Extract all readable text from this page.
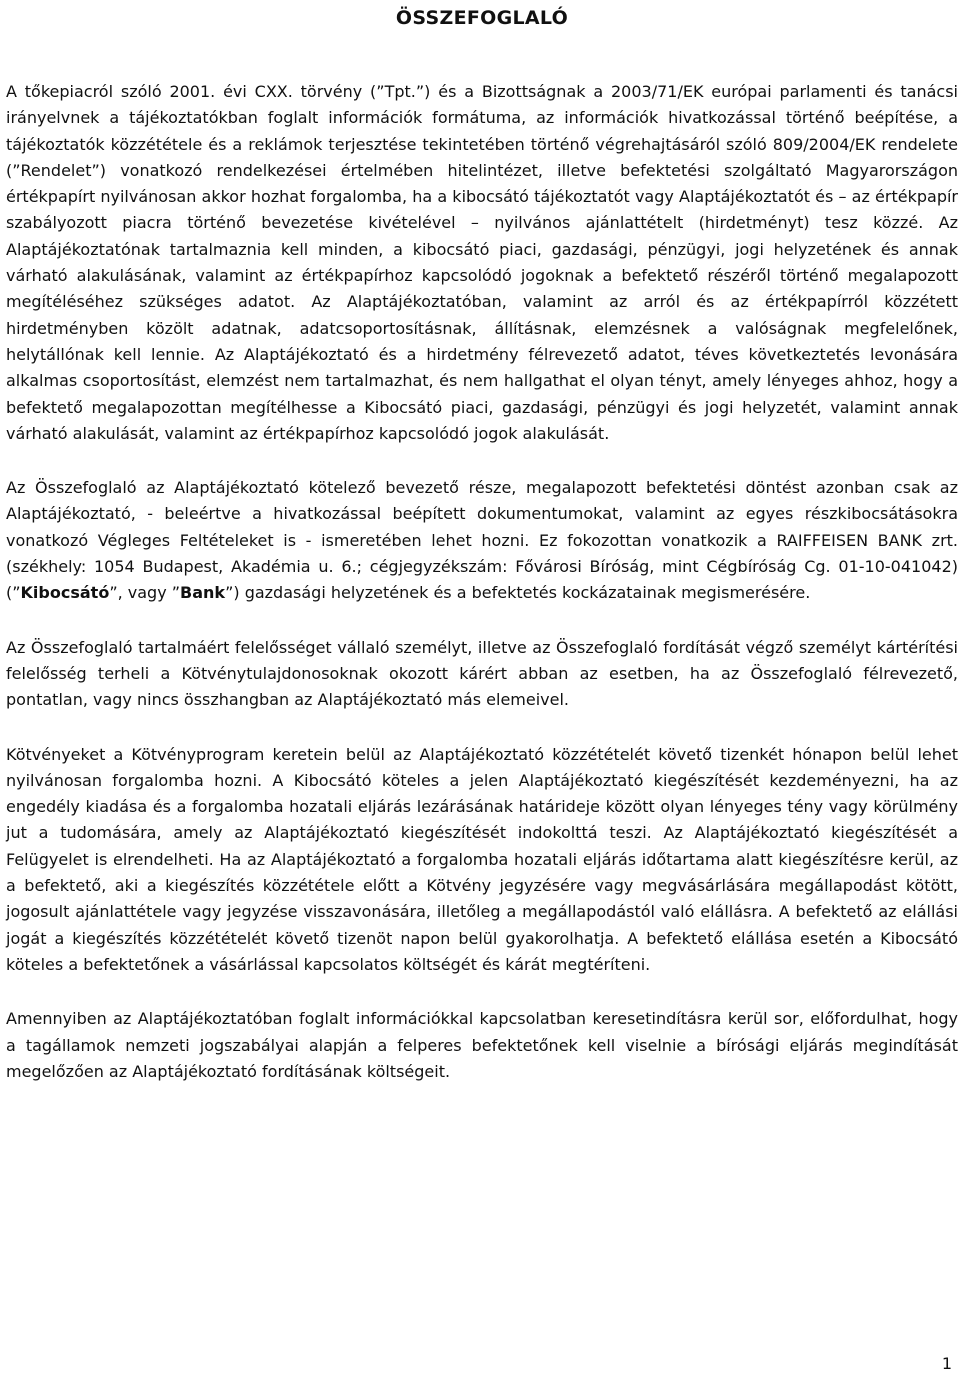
ÖSSZEFOGLALÓ

A tőkepiacról szóló 2001. évi CXX. törvény (”Tpt.”) és a Bizottságnak a 2003/71/EK európai parlamenti és tanácsi irányelvnek a tájékoztatókban foglalt információk formátuma, az információk hivatkozással történő beépítése, a tájékoztatók közzététele és a reklámok terjesztése tekintetében történő végrehajtásáról szóló 809/2004/EK rendelete (”Rendelet”) vonatkozó rendelkezései értelmében hitelintézet, illetve befektetési szolgáltató Magyarországon értékpapírt nyilvánosan akkor hozhat forgalomba, ha a kibocsátó tájékoztatót vagy Alaptájékoztatót és – az értékpapír szabályozott piacra történő bevezetése kivételével – nyilvános ajánlattételt (hirdetményt) tesz közzé. Az Alaptájékoztatónak tartalmaznia kell minden, a kibocsátó piaci, gazdasági, pénzügyi, jogi helyzetének és annak várható alakulásának, valamint az értékpapírhoz kapcsolódó jogoknak a befektető részéről történő megalapozott megítéléséhez szükséges adatot. Az Alaptájékoztatóban, valamint az arról és az értékpapírról közzétett hirdetményben közölt adatnak, adatcsoportosításnak, állításnak, elemzésnek a valóságnak megfelelőnek, helytállónak kell lennie. Az Alaptájékoztató és a hirdetmény félrevezető adatot, téves következtetés levonására alkalmas csoportosítást, elemzést nem tartalmazhat, és nem hallgathat el olyan tényt, amely lényeges ahhoz, hogy a befektető megalapozottan megítélhesse a Kibocsátó piaci, gazdasági, pénzügyi és jogi helyzetét, valamint annak várható alakulását, valamint az értékpapírhoz kapcsolódó jogok alakulását.

Az Összefoglaló az Alaptájékoztató kötelező bevezető része, megalapozott befektetési döntést azonban csak az Alaptájékoztató, - beleértve a hivatkozással beépített dokumentumokat, valamint az egyes részkibocsátásokra vonatkozó Végleges Feltételeket is - ismeretében lehet hozni. Ez fokozottan vonatkozik a RAIFFEISEN BANK zrt. (székhely: 1054 Budapest, Akadémia u. 6.; cégjegyzékszám: Fővárosi Bíróság, mint Cégbíróság Cg. 01-10-041042) (”Kibocsátó”, vagy ”Bank”) gazdasági helyzetének és a befektetés kockázatainak megismerésére.

Az Összefoglaló tartalmáért felelősséget vállaló személyt, illetve az Összefoglaló fordítását végző személyt kártérítési felelősség terheli a Kötvénytulajdonosoknak okozott kárért abban az esetben, ha az Összefoglaló félrevezető, pontatlan, vagy nincs összhangban az Alaptájékoztató más elemeivel.

Kötvényeket a Kötvényprogram keretein belül az Alaptájékoztató közzétételét követő tizenkét hónapon belül lehet nyilvánosan forgalomba hozni. A Kibocsátó köteles a jelen Alaptájékoztató kiegészítését kezdeményezni, ha az engedély kiadása és a forgalomba hozatali eljárás lezárásának határideje között olyan lényeges tény vagy körülmény jut a tudomására, amely az Alaptájékoztató kiegészítését indokolttá teszi. Az Alaptájékoztató kiegészítését a Felügyelet is elrendelheti. Ha az Alaptájékoztató a forgalomba hozatali eljárás időtartama alatt kiegészítésre kerül, az a befektető, aki a kiegészítés közzététele előtt a Kötvény jegyzésére vagy megvásárlására megállapodást kötött, jogosult ajánlattétele vagy jegyzése visszavonására, illetőleg a megállapodástól való elállásra. A befektető az elállási jogát a kiegészítés közzétételét követő tizenöt napon belül gyakorolhatja. A befektető elállása esetén a Kibocsátó köteles a befektetőnek a vásárlással kapcsolatos költségét és kárát megtéríteni.

Amennyiben az Alaptájékoztatóban foglalt információkkal kapcsolatban keresetindításra kerül sor, előfordulhat, hogy a tagállamok nemzeti jogszabályai alapján a felperes befektetőnek kell viselnie a bírósági eljárás megindítását megelőzően az Alaptájékoztató fordításának költségeit.

1
